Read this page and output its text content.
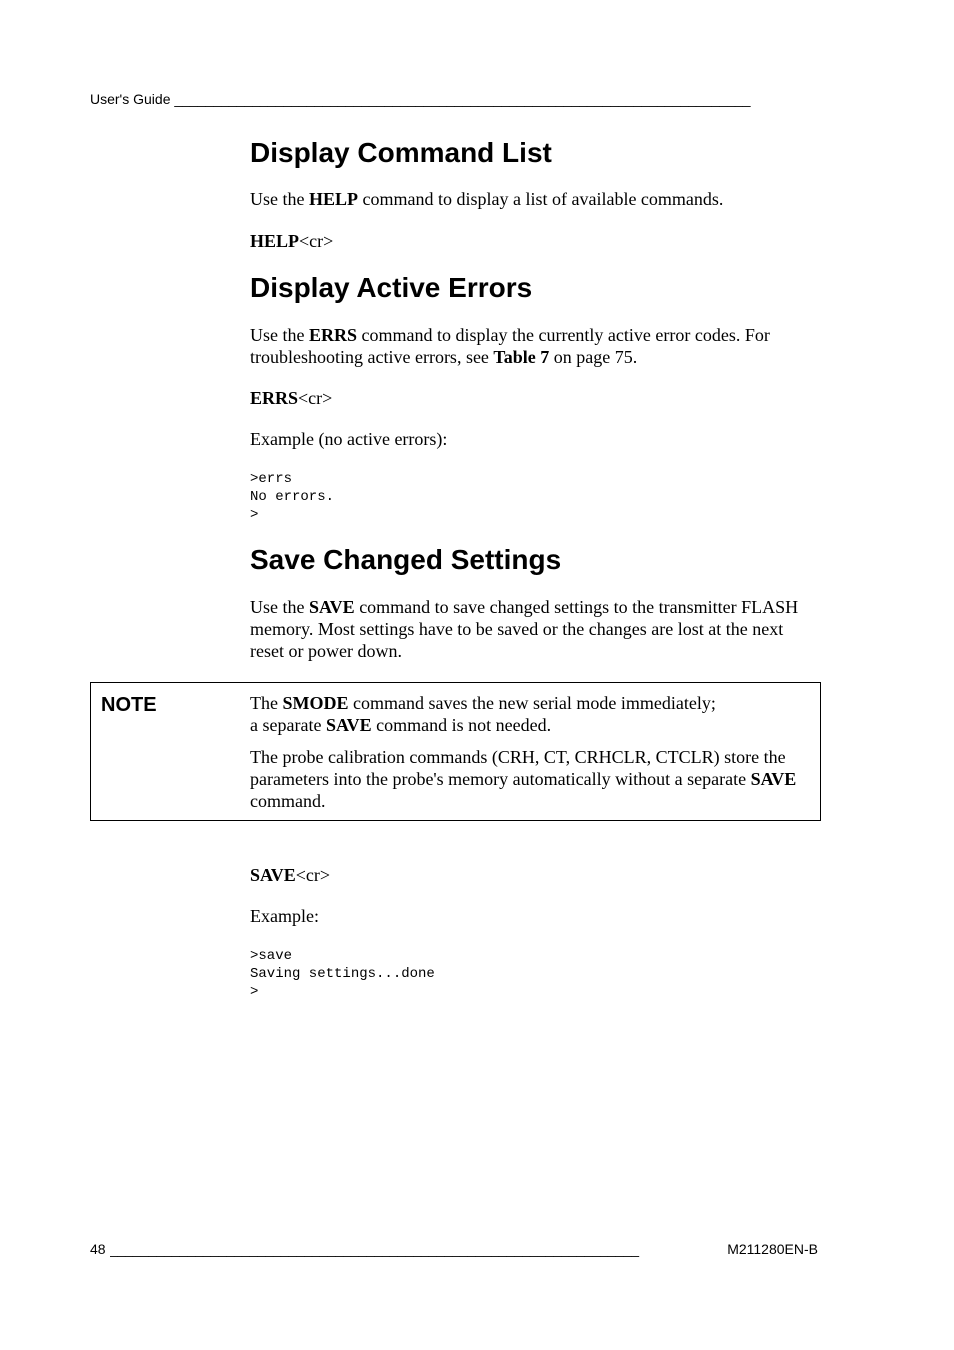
User's Guide __________________________________________________________________________
Display Command List

Use the HELP command to display a list of available commands.

HELP<cr>

Display Active Errors

Use the ERRS command to display the currently active error codes. For troubleshooting active errors, see Table 7 on page 75.

ERRS<cr>

Example (no active errors):

>errs
No errors.
>
Save Changed Settings

Use the SAVE command to save changed settings to the transmitter FLASH memory. Most settings have to be saved or the changes are lost at the next reset or power down.

NOTE	The SMODE command saves the new serial mode immediately;
a separate SAVE command is not needed.

The probe calibration commands (CRH, CT, CRHCLR, CTCLR) store the parameters into the probe's memory automatically without a separate SAVE command.

SAVE<cr>

Example:

>save
Saving settings...done
>
48 ____________________________________________________________________	M211280EN-B
